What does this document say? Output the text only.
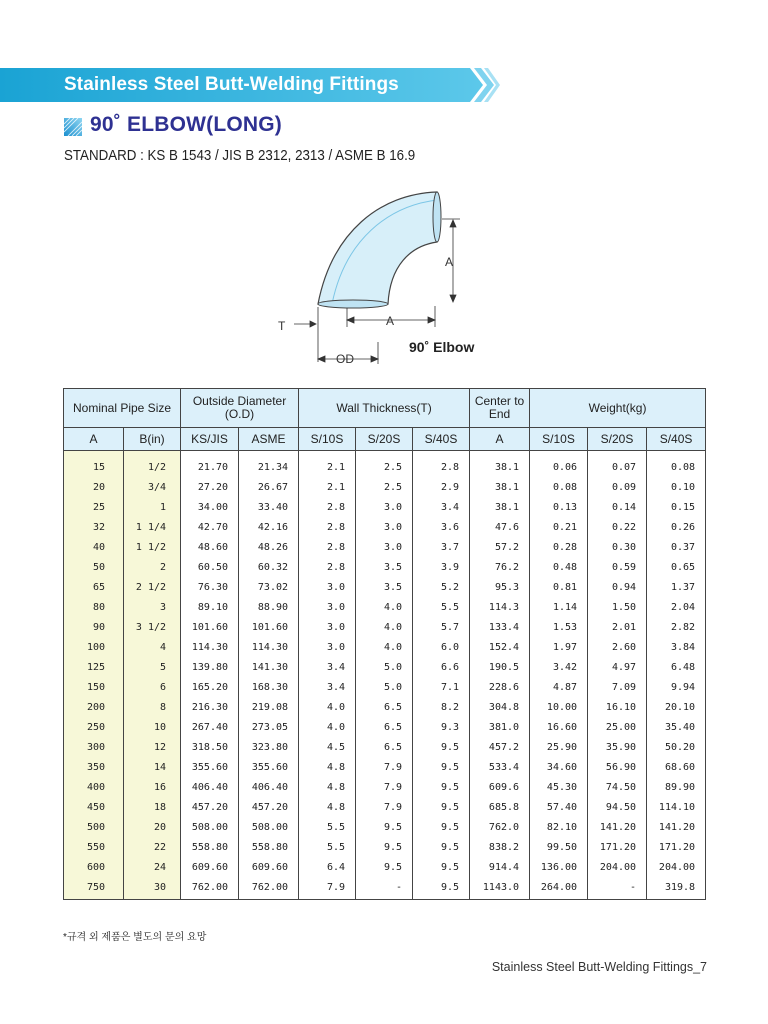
Stainless Steel Butt-Welding Fittings
90˚ ELBOW(LONG)
STANDARD : KS B 1543 / JIS B 2312, 2313 / ASME B 16.9
A
A
T
OD
90˚ Elbow
Nominal Pipe Size		Outside Diameter (O.D)		Wall Thickness(T)			Center to End	Weight(kg)		
A	B(in)	KS/JIS	ASME	S/10S	S/20S	S/40S	A	S/10S	S/20S	S/40S
15	1/2	21.70	21.34	2.1	2.5	2.8	38.1	0.06	0.07	0.08
20	3/4	27.20	26.67	2.1	2.5	2.9	38.1	0.08	0.09	0.10
25	1	34.00	33.40	2.8	3.0	3.4	38.1	0.13	0.14	0.15
32	1 1/4	42.70	42.16	2.8	3.0	3.6	47.6	0.21	0.22	0.26
40	1 1/2	48.60	48.26	2.8	3.0	3.7	57.2	0.28	0.30	0.37
50	2	60.50	60.32	2.8	3.5	3.9	76.2	0.48	0.59	0.65
65	2 1/2	76.30	73.02	3.0	3.5	5.2	95.3	0.81	0.94	1.37
80	3	89.10	88.90	3.0	4.0	5.5	114.3	1.14	1.50	2.04
90	3 1/2	101.60	101.60	3.0	4.0	5.7	133.4	1.53	2.01	2.82
100	4	114.30	114.30	3.0	4.0	6.0	152.4	1.97	2.60	3.84
125	5	139.80	141.30	3.4	5.0	6.6	190.5	3.42	4.97	6.48
150	6	165.20	168.30	3.4	5.0	7.1	228.6	4.87	7.09	9.94
200	8	216.30	219.08	4.0	6.5	8.2	304.8	10.00	16.10	20.10
250	10	267.40	273.05	4.0	6.5	9.3	381.0	16.60	25.00	35.40
300	12	318.50	323.80	4.5	6.5	9.5	457.2	25.90	35.90	50.20
350	14	355.60	355.60	4.8	7.9	9.5	533.4	34.60	56.90	68.60
400	16	406.40	406.40	4.8	7.9	9.5	609.6	45.30	74.50	89.90
450	18	457.20	457.20	4.8	7.9	9.5	685.8	57.40	94.50	114.10
500	20	508.00	508.00	5.5	9.5	9.5	762.0	82.10	141.20	141.20
550	22	558.80	558.80	5.5	9.5	9.5	838.2	99.50	171.20	171.20
600	24	609.60	609.60	6.4	9.5	9.5	914.4	136.00	204.00	204.00
750	30	762.00	762.00	7.9	-	9.5	1143.0	264.00	-	319.8
*규격 외 제품은 별도의 문의 요망
Stainless Steel Butt-Welding Fittings_7
